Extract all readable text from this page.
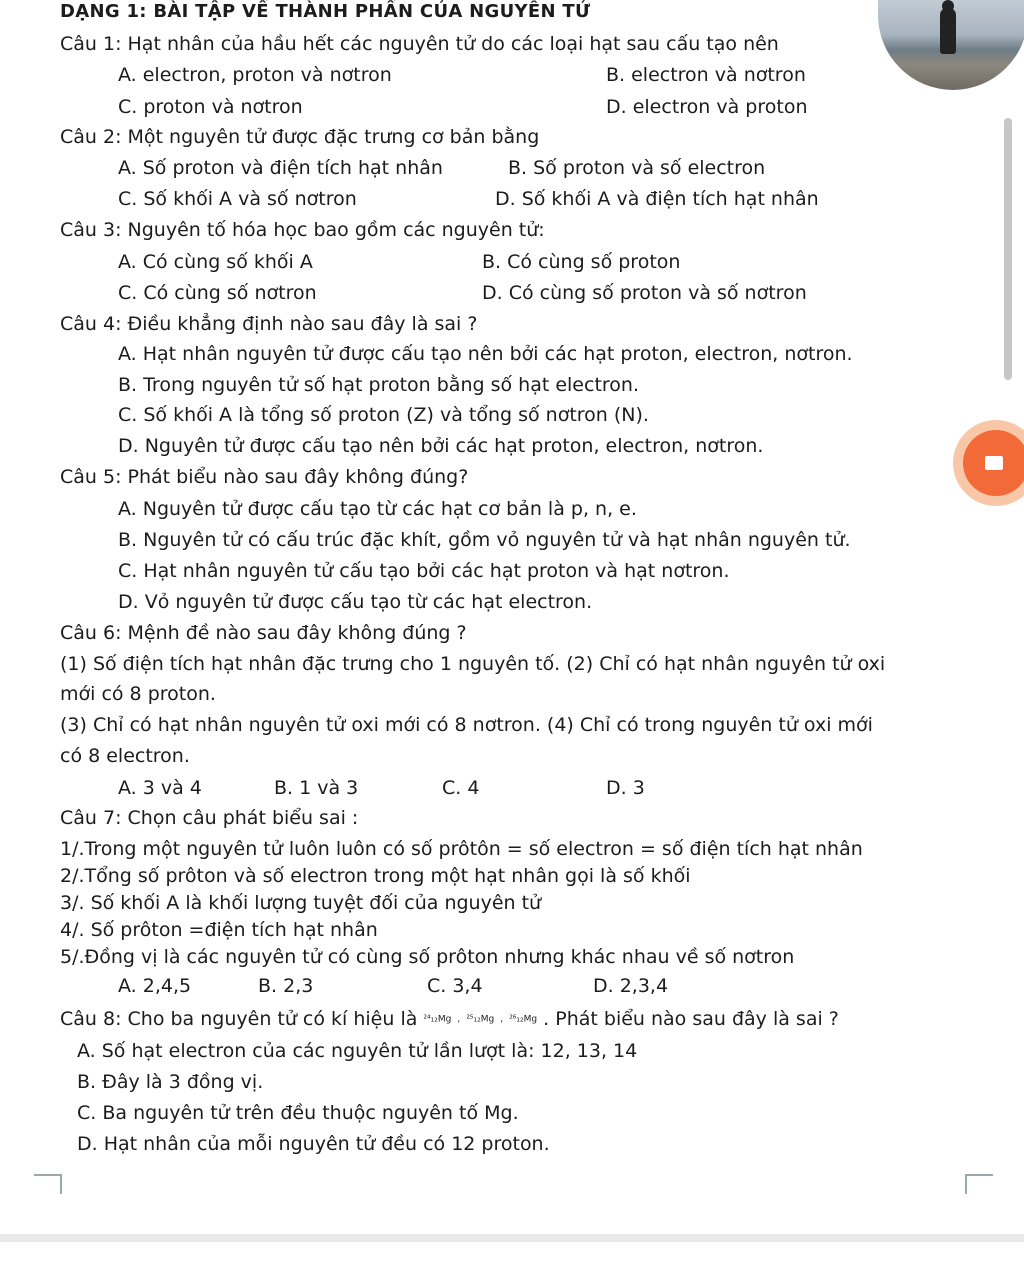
DẠNG 1: BÀI TẬP VỀ THÀNH PHẦN CỦA NGUYÊN TỬ
Câu 1: Hạt nhân của hầu hết các nguyên tử do các loại hạt sau cấu tạo nên
A. electron, proton và nơtron	B. electron và nơtron
C. proton và nơtron	D. electron và proton
Câu 2: Một nguyên tử được đặc trưng cơ bản bằng
A. Số proton và điện tích hạt nhân	B. Số proton và số electron
C. Số khối A và số nơtron	D. Số khối A và điện tích hạt nhân
Câu 3: Nguyên tố hóa học bao gồm các nguyên tử:
A. Có cùng số khối A	B. Có cùng số proton
C. Có cùng số nơtron	D. Có cùng số proton và số nơtron
Câu 4: Điều khẳng định nào sau đây là sai ?
A. Hạt nhân nguyên tử được cấu tạo nên bởi các hạt proton, electron, nơtron.
B. Trong nguyên tử số hạt proton bằng số hạt electron.
C. Số khối A là tổng số proton (Z) và tổng số nơtron (N).
D. Nguyên tử được cấu tạo nên bởi các hạt proton, electron, nơtron.
Câu 5: Phát biểu nào sau đây không đúng?
A. Nguyên tử được cấu tạo từ các hạt cơ bản là p, n, e.
B. Nguyên tử có cấu trúc đặc khít, gồm vỏ nguyên tử và hạt nhân nguyên tử.
C. Hạt nhân nguyên tử cấu tạo bởi các hạt proton và hạt nơtron.
D. Vỏ nguyên tử được cấu tạo từ các hạt electron.
Câu 6: Mệnh đề nào sau đây không đúng ?
(1) Số điện tích hạt nhân đặc trưng cho 1 nguyên tố. (2) Chỉ có hạt nhân nguyên tử oxi
mới có 8 proton.
(3) Chỉ có hạt nhân nguyên tử oxi mới có 8 nơtron. (4) Chỉ có trong nguyên tử oxi mới
có 8 electron.
A. 3 và 4	B. 1 và 3	C. 4	D. 3
Câu 7: Chọn câu phát biểu sai :
1/.Trong một nguyên tử luôn luôn có số prôtôn = số electron = số điện tích hạt nhân
2/.Tổng số prôton và số electron trong một hạt nhân gọi là số khối
3/. Số khối A là khối lượng tuyệt đối của nguyên tử
4/. Số prôton =điện tích hạt nhân
5/.Đồng vị là các nguyên tử có cùng số prôton nhưng khác nhau về số nơtron
A. 2,4,5	B. 2,3	C. 3,4	D. 2,3,4
Câu 8: Cho ba nguyên tử có kí hiệu là ²⁴₁₂Mg , ²⁵₁₂Mg , ²⁶₁₂Mg . Phát biểu nào sau đây là sai ?
A. Số hạt electron của các nguyên tử lần lượt là: 12, 13, 14
B. Đây là 3 đồng vị.
C. Ba nguyên tử trên đều thuộc nguyên tố Mg.
D. Hạt nhân của mỗi nguyên tử đều có 12 proton.
